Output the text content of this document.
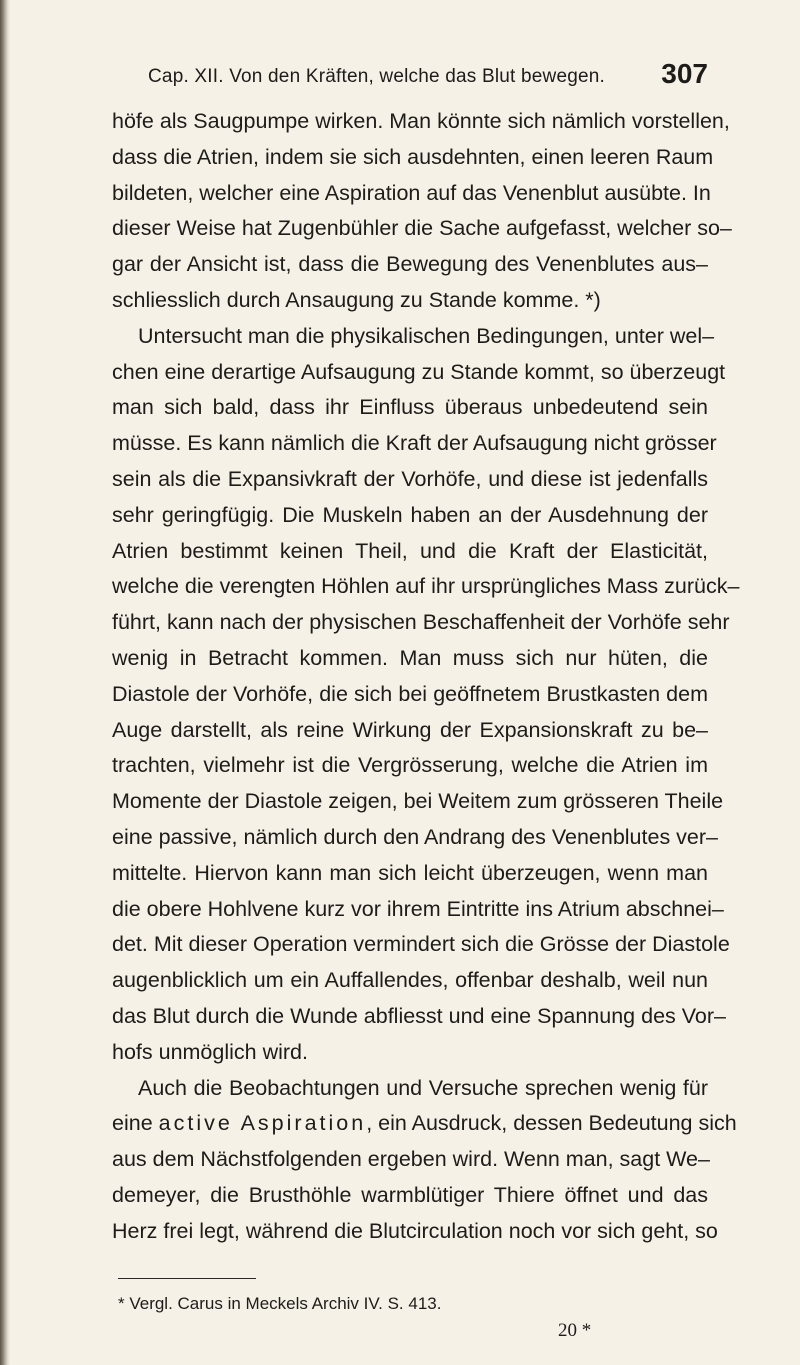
Cap. XII. Von den Kräften, welche das Blut bewegen. 307
höfe als Saugpumpe wirken. Man könnte sich nämlich vorstellen,
dass die Atrien, indem sie sich ausdehnten, einen leeren Raum
bildeten, welcher eine Aspiration auf das Venenblut ausübte. In
dieser Weise hat Zugenbühler die Sache aufgefasst, welcher so–
gar der Ansicht ist, dass die Bewegung des Venenblutes aus–
schliesslich durch Ansaugung zu Stande komme. *)
Untersucht man die physikalischen Bedingungen, unter wel–
chen eine derartige Aufsaugung zu Stande kommt, so überzeugt
man sich bald, dass ihr Einfluss überaus unbedeutend sein
müsse. Es kann nämlich die Kraft der Aufsaugung nicht grösser
sein als die Expansivkraft der Vorhöfe, und diese ist jedenfalls
sehr geringfügig. Die Muskeln haben an der Ausdehnung der
Atrien bestimmt keinen Theil, und die Kraft der Elasticität,
welche die verengten Höhlen auf ihr ursprüngliches Mass zurück–
führt, kann nach der physischen Beschaffenheit der Vorhöfe sehr
wenig in Betracht kommen. Man muss sich nur hüten, die
Diastole der Vorhöfe, die sich bei geöffnetem Brustkasten dem
Auge darstellt, als reine Wirkung der Expansionskraft zu be–
trachten, vielmehr ist die Vergrösserung, welche die Atrien im
Momente der Diastole zeigen, bei Weitem zum grösseren Theile
eine passive, nämlich durch den Andrang des Venenblutes ver–
mittelte. Hiervon kann man sich leicht überzeugen, wenn man
die obere Hohlvene kurz vor ihrem Eintritte ins Atrium abschnei–
det. Mit dieser Operation vermindert sich die Grösse der Diastole
augenblicklich um ein Auffallendes, offenbar deshalb, weil nun
das Blut durch die Wunde abfliesst und eine Spannung des Vor–
hofs unmöglich wird.
Auch die Beobachtungen und Versuche sprechen wenig für
eine active Aspiration, ein Ausdruck, dessen Bedeutung sich
aus dem Nächstfolgenden ergeben wird. Wenn man, sagt We–
demeyer, die Brusthöhle warmblütiger Thiere öffnet und das
Herz frei legt, während die Blutcirculation noch vor sich geht, so
* Vergl. Carus in Meckels Archiv IV. S. 413.
20 *
